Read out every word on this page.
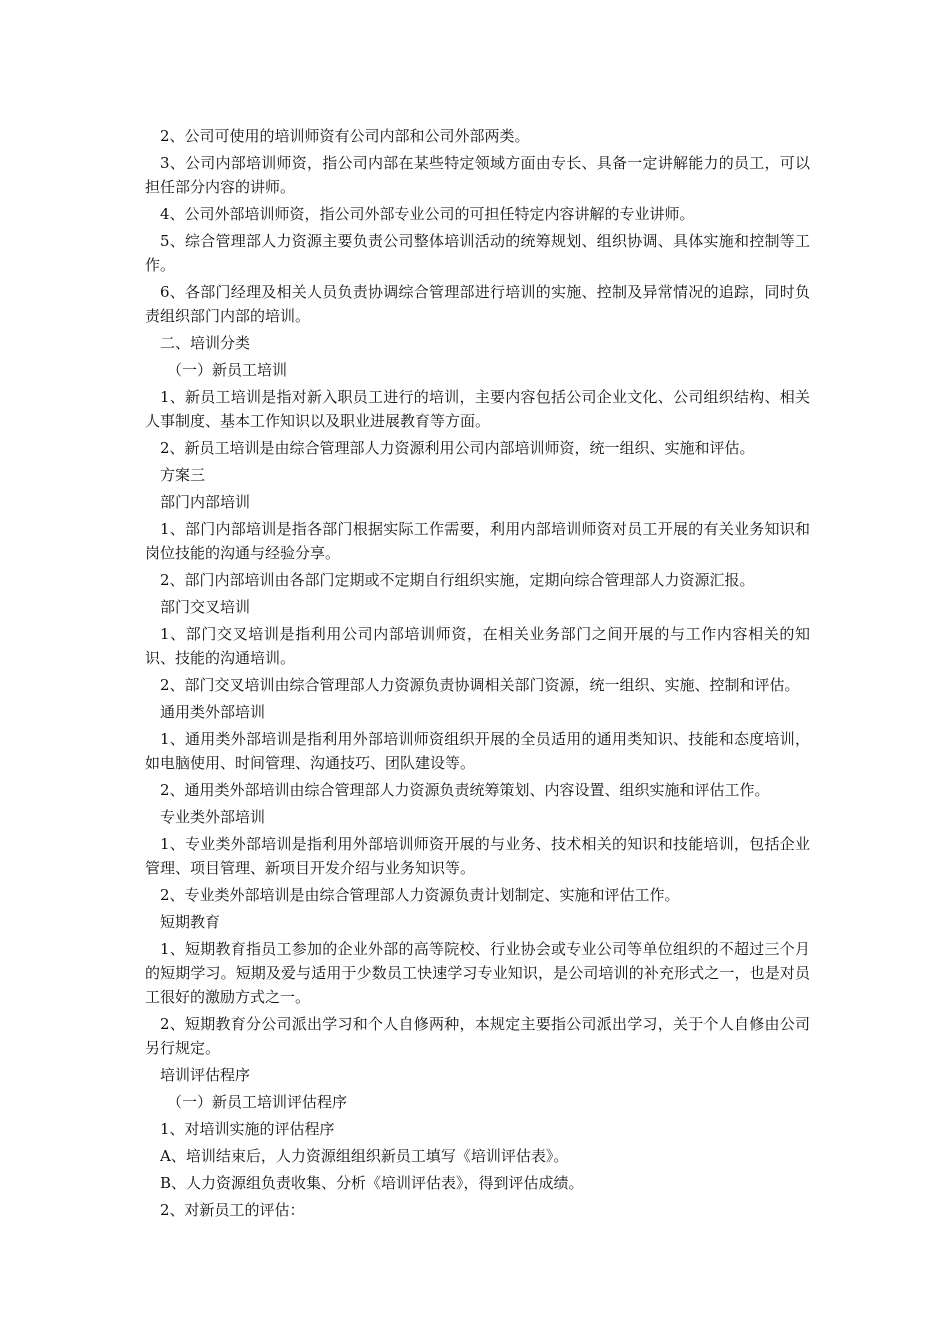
2、公司可使用的培训师资有公司内部和公司外部两类。

3、公司内部培训师资，指公司内部在某些特定领域方面由专长、具备一定讲解能力的员工，可以担任部分内容的讲师。

4、公司外部培训师资，指公司外部专业公司的可担任特定内容讲解的专业讲师。

5、综合管理部人力资源主要负责公司整体培训活动的统筹规划、组织协调、具体实施和控制等工作。

6、各部门经理及相关人员负责协调综合管理部进行培训的实施、控制及异常情况的追踪，同时负责组织部门内部的培训。

二、培训分类

（一）新员工培训

1、新员工培训是指对新入职员工进行的培训，主要内容包括公司企业文化、公司组织结构、相关人事制度、基本工作知识以及职业进展教育等方面。

2、新员工培训是由综合管理部人力资源利用公司内部培训师资，统一组织、实施和评估。

方案三

部门内部培训

1、部门内部培训是指各部门根据实际工作需要，利用内部培训师资对员工开展的有关业务知识和岗位技能的沟通与经验分享。

2、部门内部培训由各部门定期或不定期自行组织实施，定期向综合管理部人力资源汇报。

部门交叉培训

1、部门交叉培训是指利用公司内部培训师资，在相关业务部门之间开展的与工作内容相关的知识、技能的沟通培训。

2、部门交叉培训由综合管理部人力资源负责协调相关部门资源，统一组织、实施、控制和评估。

通用类外部培训

1、通用类外部培训是指利用外部培训师资组织开展的全员适用的通用类知识、技能和态度培训，如电脑使用、时间管理、沟通技巧、团队建设等。

2、通用类外部培训由综合管理部人力资源负责统筹策划、内容设置、组织实施和评估工作。

专业类外部培训

1、专业类外部培训是指利用外部培训师资开展的与业务、技术相关的知识和技能培训，包括企业管理、项目管理、新项目开发介绍与业务知识等。

2、专业类外部培训是由综合管理部人力资源负责计划制定、实施和评估工作。

短期教育

1、短期教育指员工参加的企业外部的高等院校、行业协会或专业公司等单位组织的不超过三个月的短期学习。短期及爱与适用于少数员工快速学习专业知识，是公司培训的补充形式之一，也是对员工很好的激励方式之一。

2、短期教育分公司派出学习和个人自修两种，本规定主要指公司派出学习，关于个人自修由公司另行规定。

培训评估程序

（一）新员工培训评估程序

1、对培训实施的评估程序

A、培训结束后，人力资源组组织新员工填写《培训评估表》。

B、人力资源组负责收集、分析《培训评估表》，得到评估成绩。

2、对新员工的评估：
